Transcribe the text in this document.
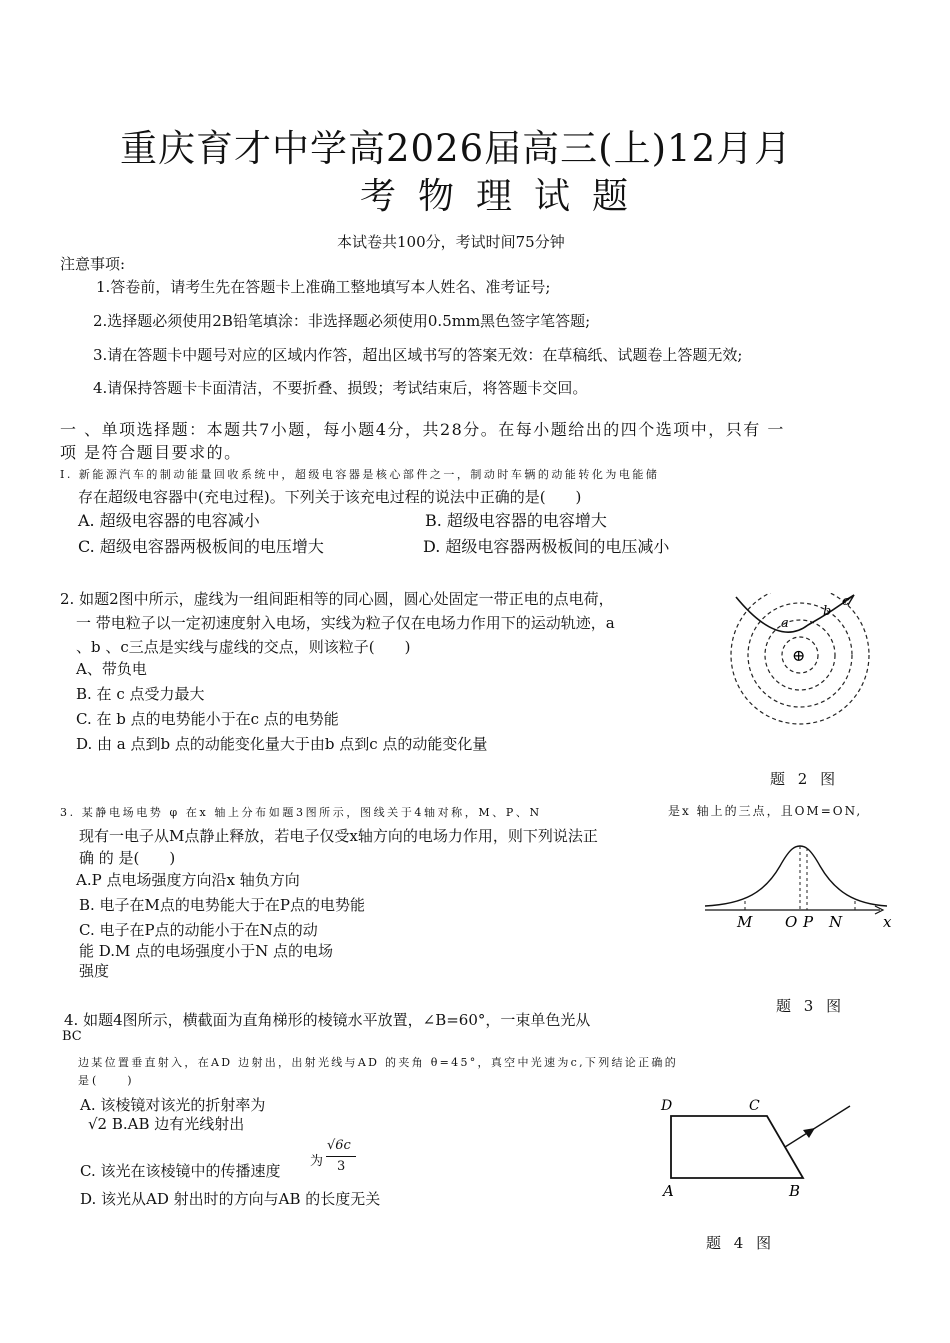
重庆育才中学高2026届高三(上)12月月
考物理试题
本试卷共100分，考试时间75分钟
注意事项:
1.答卷前，请考生先在答题卡上准确工整地填写本人姓名、准考证号;
2.选择题必须使用2B铅笔填涂：非选择题必须使用0.5mm黑色签字笔答题;
3.请在答题卡中题号对应的区域内作答，超出区域书写的答案无效：在草稿纸、试题卷上答题无效;
4.请保持答题卡卡面清洁，不要折叠、损毁；考试结束后，将答题卡交回。
一 、单项选择题：本题共7小题，每小题4分，共28分。在每小题给出的四个选项中，只有 一
项 是符合题目要求的。
I. 新能源汽车的制动能量回收系统中，超级电容器是核心部件之一，制动时车辆的动能转化为电能储
存在超级电容器中(充电过程)。下列关于该充电过程的说法中正确的是(　　)
A. 超级电容器的电容减小	B. 超级电容器的电容增大
C. 超级电容器两极板间的电压增大	D. 超级电容器两极板间的电压减小
2. 如题2图中所示，虚线为一组间距相等的同心圆，圆心处固定一带正电的点电荷，
一 带电粒子以一定初速度射入电场，实线为粒子仅在电场力作用下的运动轨迹，a
、b 、c三点是实线与虚线的交点，则该粒子(　　)
A、带负电
B. 在 c 点受力最大
C. 在 b 点的电势能小于在c 点的电势能
D. 由 a 点到b 点的动能变化量大于由b 点到c 点的动能变化量
a
b
c
⊕
题 2 图
3. 某静电场电势 φ 在x 轴上分布如题3图所示，图线关于4轴对称，M、P、N	是x 轴上的三点，且OM=ON,
现有一电子从M点静止释放，若电子仅受x轴方向的电场力作用，则下列说法正
确 的 是(　　)
A.P 点电场强度方向沿x 轴负方向
B. 电子在M点的电势能大于在P点的电势能
C. 电子在P点的动能小于在N点的动
能 D.M 点的电场强度小于N 点的电场
强度
M O P N	x
题 3 图
4. 如题4图所示，横截面为直角梯形的棱镜水平放置，∠B=60°，一束单色光从
BC
边某位置垂直射入，在AD 边射出，出射光线与AD 的夹角 θ=45°，真空中光速为c,下列结论正确的
是(　　)
A. 该棱镜对该光的折射率为
√2 B.AB 边有光线射出
C. 该光在该棱镜中的传播速度
为
√6c
3
D. 该光从AD 射出时的方向与AB 的长度无关
D	C
A	B
题 4 图
